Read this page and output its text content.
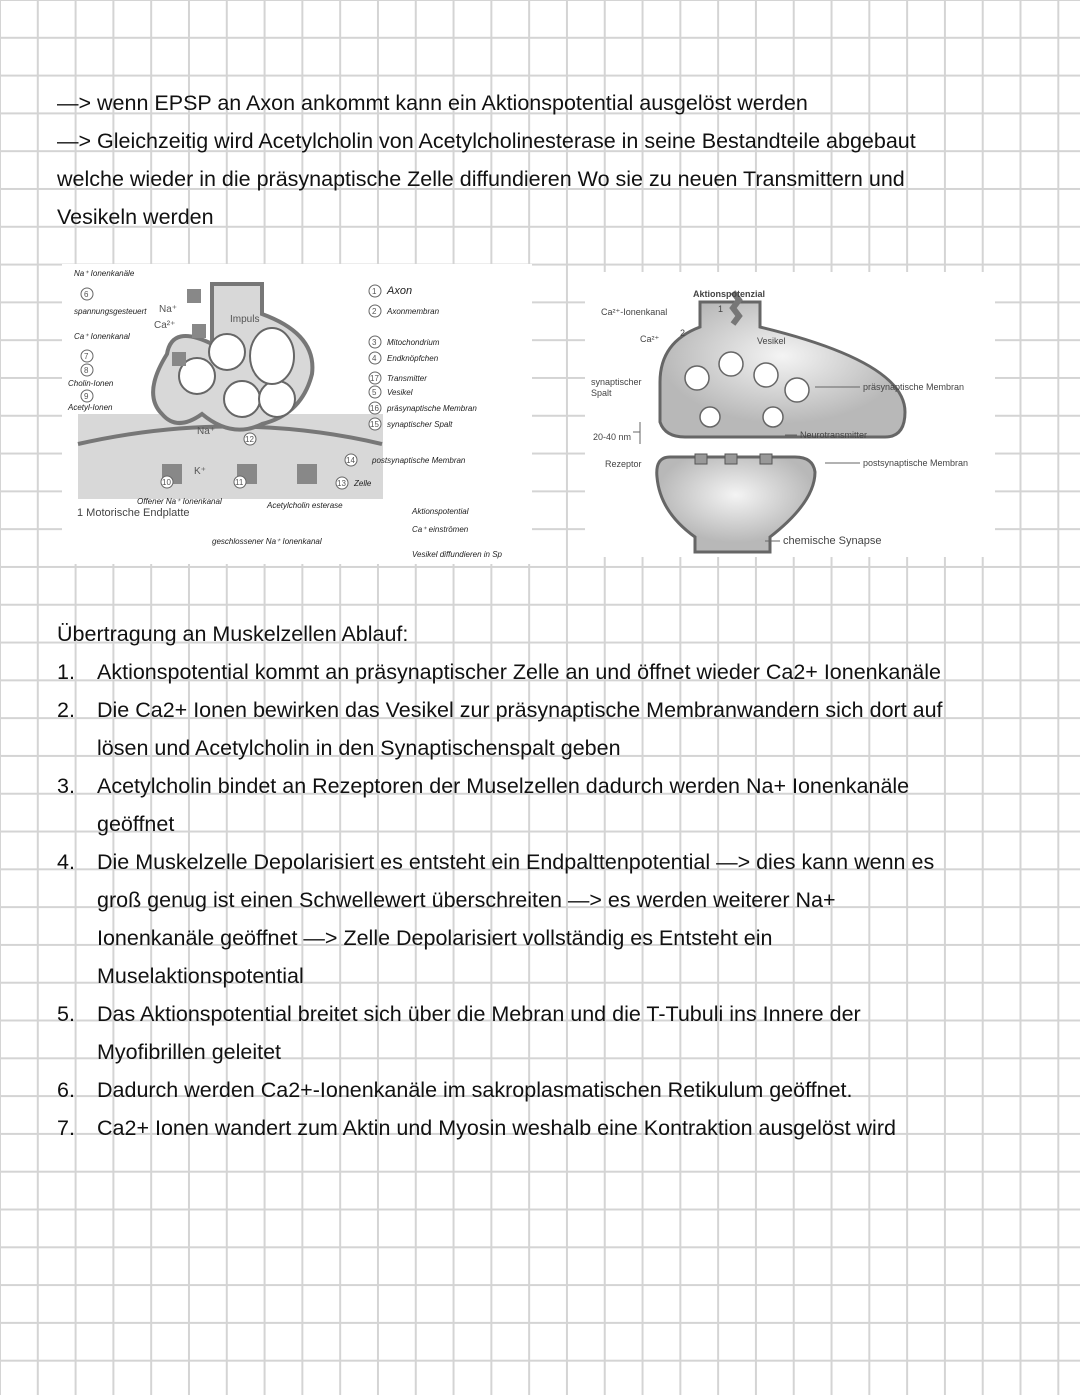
—> wenn EPSP an Axon ankommt kann ein Aktionspotential ausgelöst werden
—> Gleichzeitig wird Acetylcholin von Acetylcholinesterase in seine Bestandteile abgebaut
welche wieder in die präsynaptische Zelle diffundieren Wo sie zu neuen Transmittern und
Vesikeln werden
Na⁺
Ca²⁺
Impuls
Na⁺
K⁺
1 Motorische Endplatte
1
2
3
4
17
5
16
15
14
13
6
7
8
9
10	11
12
Axon
Axonmembran
Mitochondrium
Endknöpfchen
Transmitter
Vesikel
präsynaptische Membran
synaptischer Spalt
postsynaptische Membran
Zelle
Na⁺ Ionenkanäle
spannungsgesteuert
Ca⁺ Ionenkanal
Cholin-Ionen
Acetyl-Ionen
Offener Na⁺ Ionenkanal
geschlossener Na⁺ Ionenkanal
Acetylcholin esterase
Aktionspotential
Ca⁺ einströmen
Vesikel diffundieren in Sp
Aktionspotenzial
Ca²⁺-Ionenkanal
Ca²⁺	Vesikel
synaptischer
Spalt
20-40 nm
Rezeptor
präsynaptische Membran
Neurotransmitter
postsynaptische Membran
chemische Synapse
1
2
Übertragung an Muskelzellen Ablauf:
1. Aktionspotential kommt an präsynaptischer Zelle an und öffnet wieder Ca2+ Ionenkanäle
2. Die Ca2+ Ionen bewirken das Vesikel zur präsynaptische Membranwandern sich dort auf
lösen und Acetylcholin in den Synaptischenspalt geben
3. Acetylcholin bindet an Rezeptoren der Muselzellen dadurch werden Na+ Ionenkanäle
geöffnet
4. Die Muskelzelle Depolarisiert es entsteht ein Endpalttenpotential —> dies kann wenn es
groß genug ist einen Schwellewert überschreiten —> es werden weiterer Na+
Ionenkanäle geöffnet —> Zelle Depolarisiert vollständig es Entsteht ein
Muselaktionspotential
5. Das Aktionspotential breitet sich über die Mebran und die T-Tubuli ins Innere der
Myofibrillen geleitet
6. Dadurch werden Ca2+-Ionenkanäle im sakroplasmatischen Retikulum geöffnet.
7. Ca2+ Ionen wandert zum Aktin und Myosin weshalb eine Kontraktion ausgelöst wird
